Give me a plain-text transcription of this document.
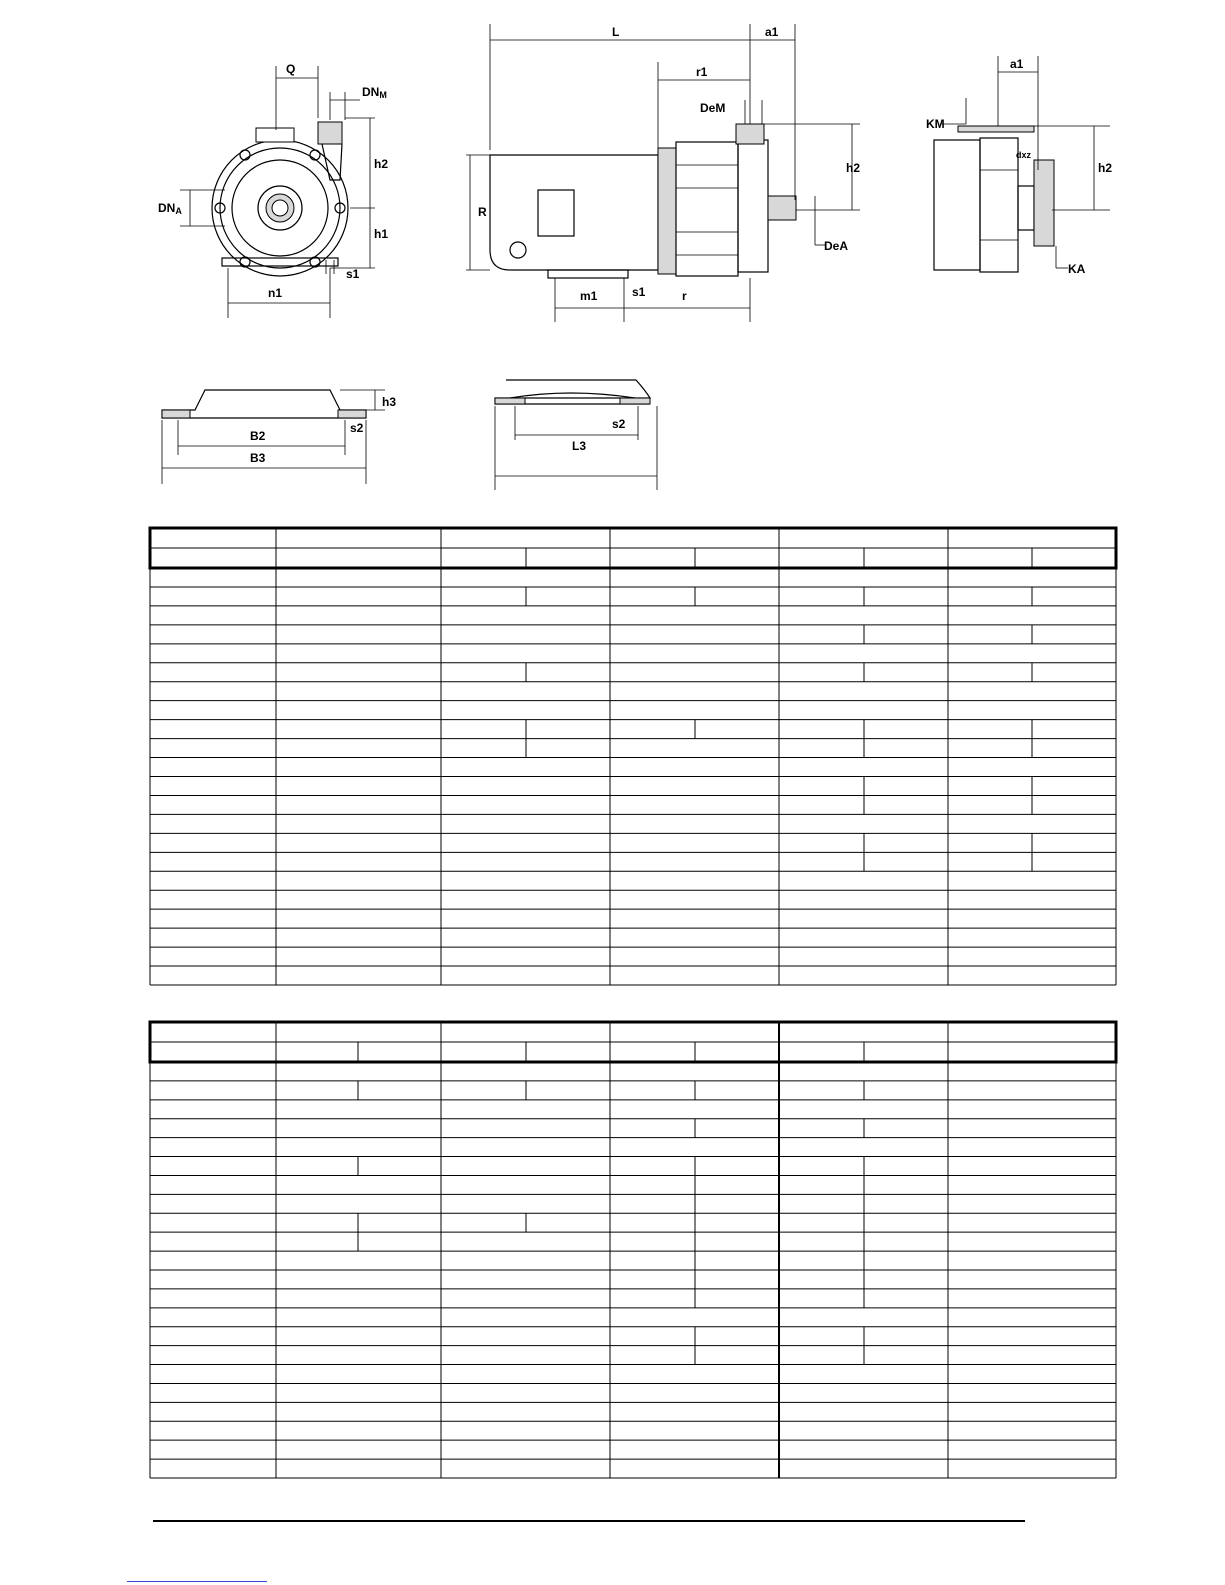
Q
DNM
h2
h1
DNA
s1
n1
L	a1
r1
DeM
h2
R
DeA
m1	s1	r
a1
KM
h2
dxz
KA
h3
s2
B2
B3
s2
L3
